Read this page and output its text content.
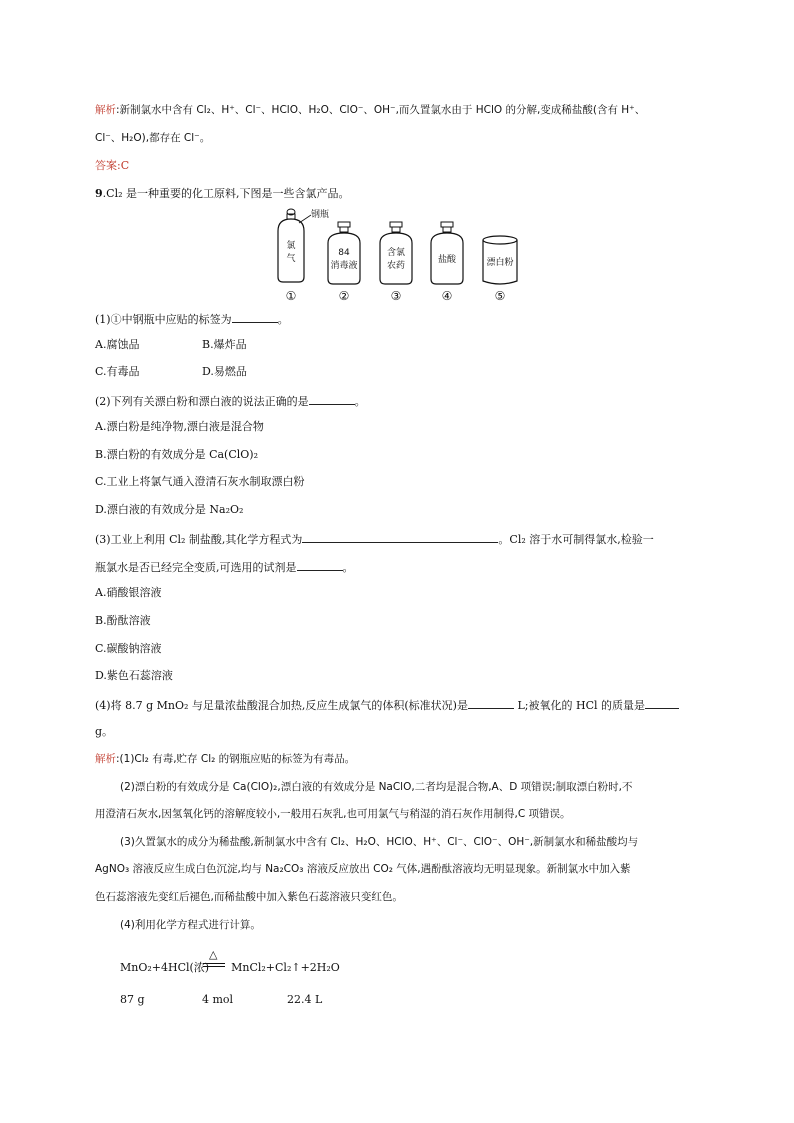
解析:新制氯水中含有 Cl₂、H⁺、Cl⁻、HClO、H₂O、ClO⁻、OH⁻,而久置氯水由于 HClO 的分解,变成稀盐酸(含有 H⁺、
Cl⁻、H₂O),都存在 Cl⁻。
答案:C
9.Cl₂ 是一种重要的化工原料,下图是一些含氯产品。
钢瓶
氯
气
①
84
消毒液
②
含氯
农药
③
盐酸
④
漂白粉
⑤
(1)①中钢瓶中应贴的标签为	。
A.腐蚀品	B.爆炸品
C.有毒品	D.易燃品
(2)下列有关漂白粉和漂白液的说法正确的是	。
A.漂白粉是纯净物,漂白液是混合物
B.漂白粉的有效成分是 Ca(ClO)₂
C.工业上将氯气通入澄清石灰水制取漂白粉
D.漂白液的有效成分是 Na₂O₂
(3)工业上利用 Cl₂ 制盐酸,其化学方程式为	。Cl₂ 溶于水可制得氯水,检验一
瓶氯水是否已经完全变质,可选用的试剂是	。
A.硝酸银溶液
B.酚酞溶液
C.碳酸钠溶液
D.紫色石蕊溶液
(4)将 8.7 g MnO₂ 与足量浓盐酸混合加热,反应生成氯气的体积(标准状况)是	L;被氧化的 HCl 的质量是
g。
解析:(1)Cl₂ 有毒,贮存 Cl₂ 的钢瓶应贴的标签为有毒品。
(2)漂白粉的有效成分是 Ca(ClO)₂,漂白液的有效成分是 NaClO,二者均是混合物,A、D 项错误;制取漂白粉时,不
用澄清石灰水,因氢氧化钙的溶解度较小,一般用石灰乳,也可用氯气与稍湿的消石灰作用制得,C 项错误。
(3)久置氯水的成分为稀盐酸,新制氯水中含有 Cl₂、H₂O、HClO、H⁺、Cl⁻、ClO⁻、OH⁻,新制氯水和稀盐酸均与
AgNO₃ 溶液反应生成白色沉淀,均与 Na₂CO₃ 溶液反应放出 CO₂ 气体,遇酚酞溶液均无明显现象。新制氯水中加入紫
色石蕊溶液先变红后褪色,而稀盐酸中加入紫色石蕊溶液只变红色。
(4)利用化学方程式进行计算。
MnO₂+4HCl(浓) MnCl₂+Cl₂↑+2H₂O
△
87 g	4 mol	22.4 L
